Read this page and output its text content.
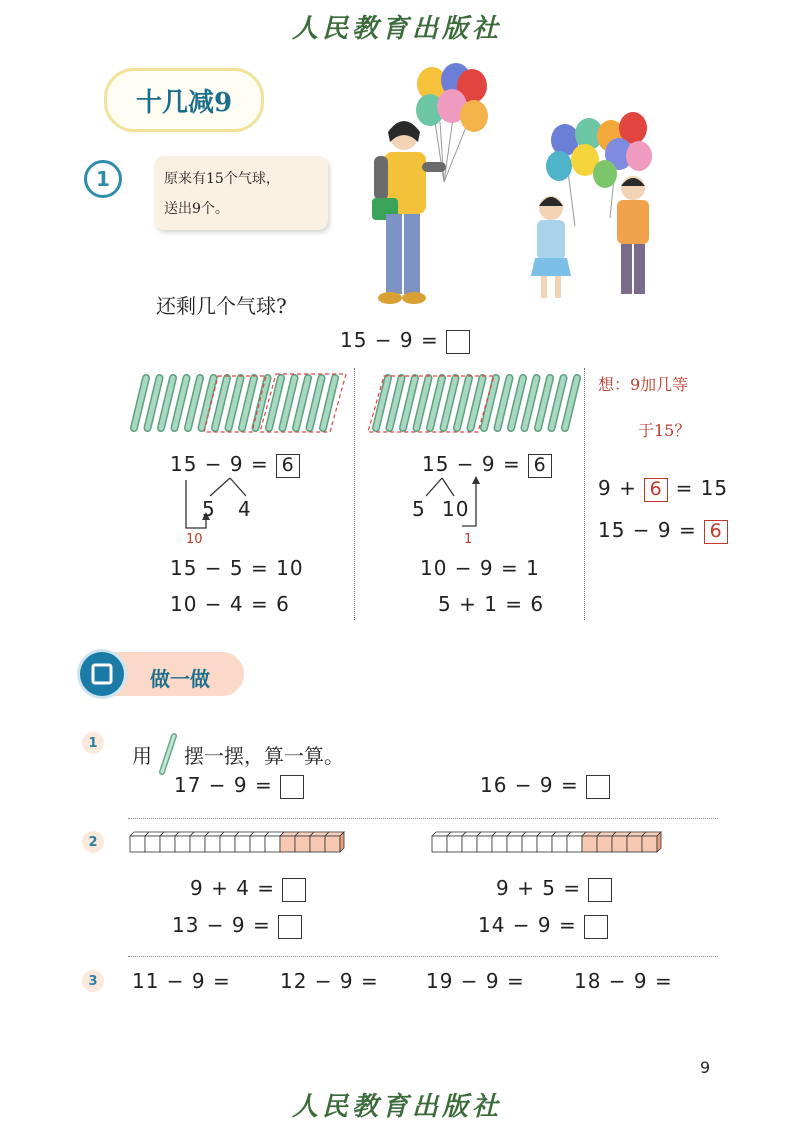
人民教育出版社
十几减9
1	原来有15个气球，
送出9个。
还剩几个气球?
15 − 9 =
15 − 9 = 6
5 4
10
15 − 5 = 10
10 − 4 = 6
15 − 9 = 6
5 10
1
10 − 9 = 1
5 + 1 = 6
想：9加几等
于15？
9 + 6 = 15
15 − 9 = 6
做一做
1
用 摆一摆，算一算。
17 − 9 =	16 − 9 =
2
9 + 4 =
13 − 9 =
9 + 5 =
14 − 9 =
3	11 − 9 = 12 − 9 = 19 − 9 = 18 − 9 =
9
人民教育出版社
